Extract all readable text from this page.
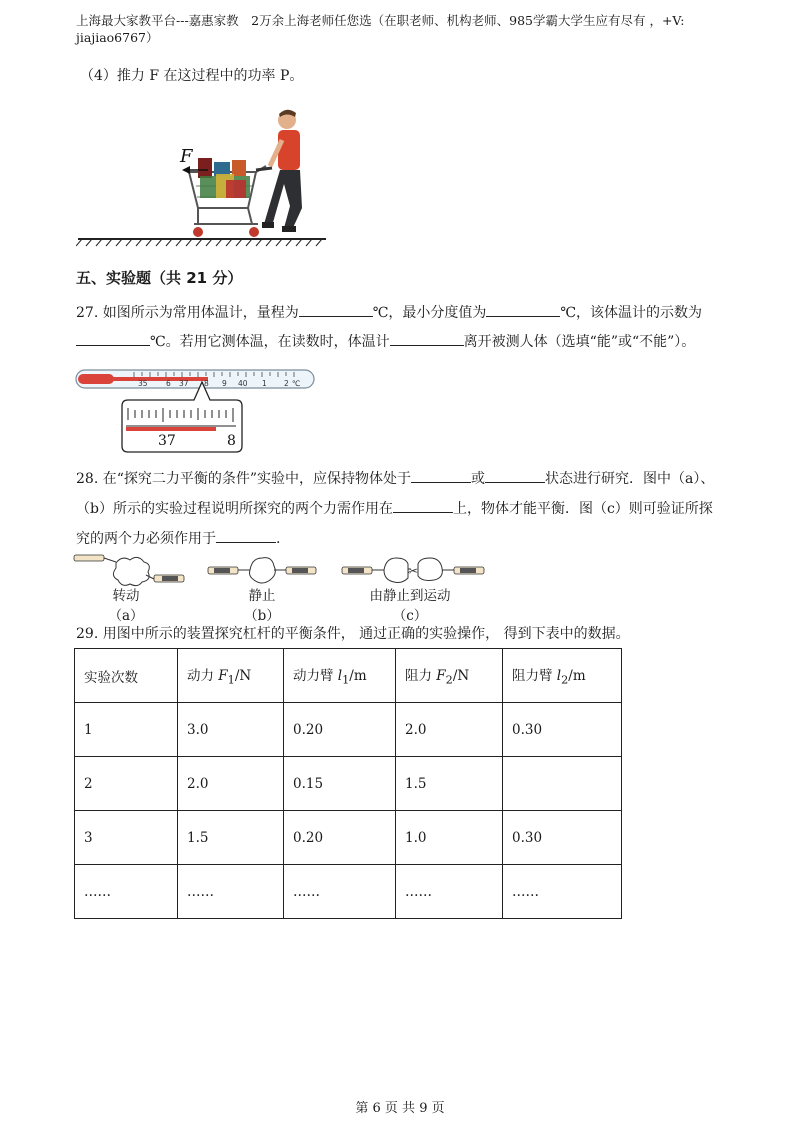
上海最大家教平台---嘉惠家教　2万余上海老师任您选（在职老师、机构老师、985学霸大学生应有尽有 ，+V:
jiajiao6767）
（4）推力 F 在这过程中的功率 P。
F
五、实验题（共 21 分）
27. 如图所示为常用体温计，量程为	℃，最小分度值为	℃，该体温计的示数为
℃。若用它测体温，在读数时，体温计	离开被测人体（选填“能”或“不能”）。
35 6 37 8 9 40 1 2 ℃
37	8
28. 在“探究二力平衡的条件”实验中，应保持物体处于	或	状态进行研究．图中（a）、
（b）所示的实验过程说明所探究的两个力需作用在	上，物体才能平衡．图（c）则可验证所探
究的两个力必须作用于	.
✂
转动
（a）
静止
（b）
由静止到运动
（c）
29. 用图中所示的装置探究杠杆的平衡条件， 通过正确的实验操作， 得到下表中的数据。
实验次数	动力 $F_1/N$	动力臂 $l_1/m$	阻力 $F_2/N$	阻力臂 $l_2/m$
1	3.0	0.20	2.0	0.30
2	2.0	0.15	1.5	
3	1.5	0.20	1.0	0.30
……	……	……	……	……
第 6 页 共 9 页
